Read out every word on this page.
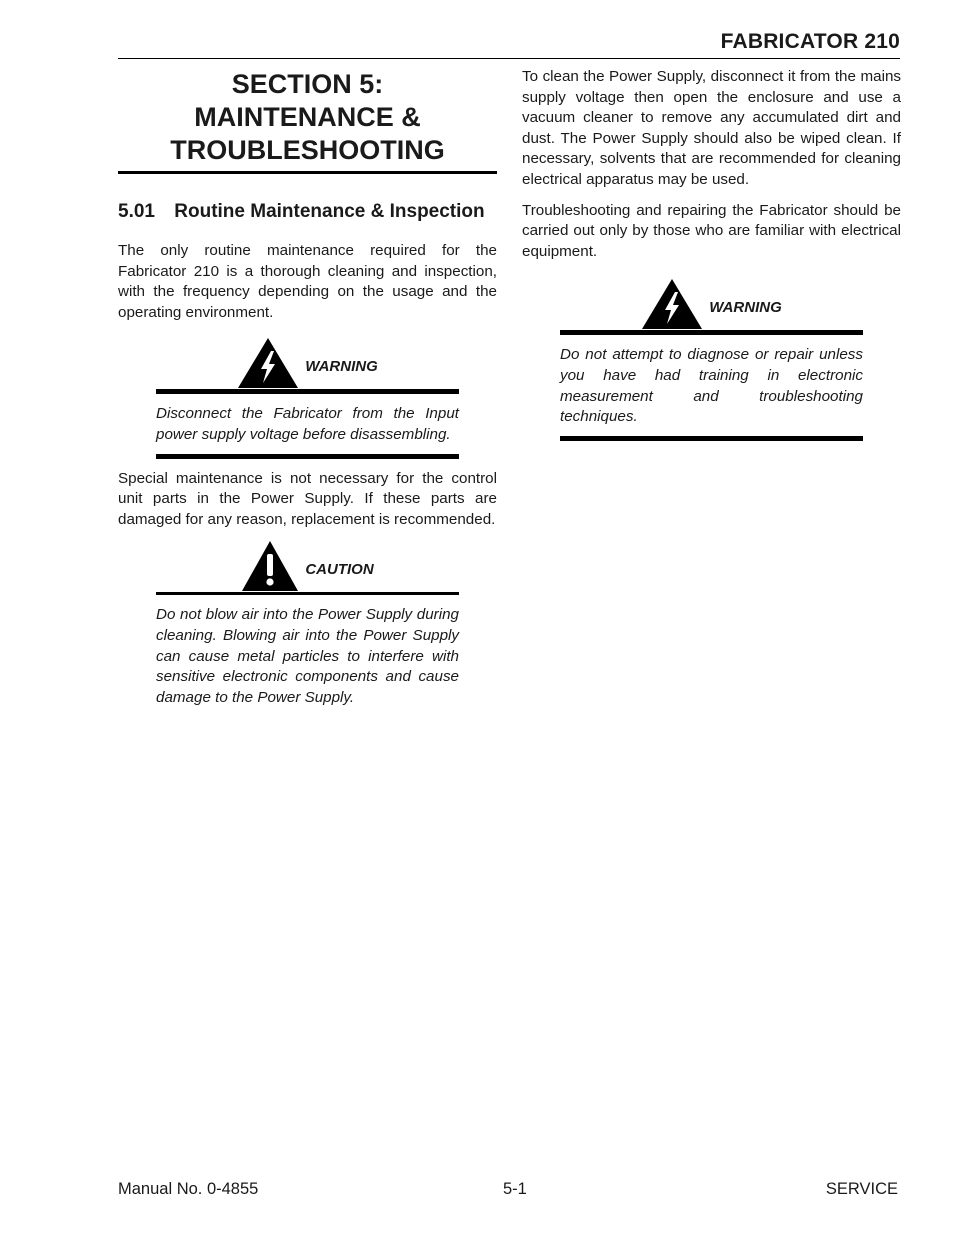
FABRICATOR 210
SECTION 5:
MAINTENANCE &
TROUBLESHOOTING
5.01 Routine Maintenance & Inspection

The only routine maintenance required for the Fabricator 210 is a thorough cleaning and inspection, with the frequency depending on the usage and the operating environment.

WARNING
Disconnect the Fabricator from the Input power supply voltage before disassembling.

Special maintenance is not necessary for the control unit parts in the Power Supply. If these parts are damaged for any reason, replacement is recommended.

CAUTION
Do not blow air into the Power Supply during cleaning. Blowing air into the Power Supply can cause metal particles to interfere with sensitive electronic components and cause damage to the Power Supply.

To clean the Power Supply, disconnect it from the mains supply voltage then open the enclosure and use a vacuum cleaner to remove any accumulated dirt and dust. The Power Supply should also be wiped clean. If necessary, solvents that are recommended for cleaning electrical apparatus may be used.

Troubleshooting and repairing the Fabricator should be carried out only by those who are familiar with electrical equipment.

WARNING
Do not attempt to diagnose or repair unless you have had training in electronic measurement and troubleshooting techniques.
Manual No. 0-4855	5-1	SERVICE
